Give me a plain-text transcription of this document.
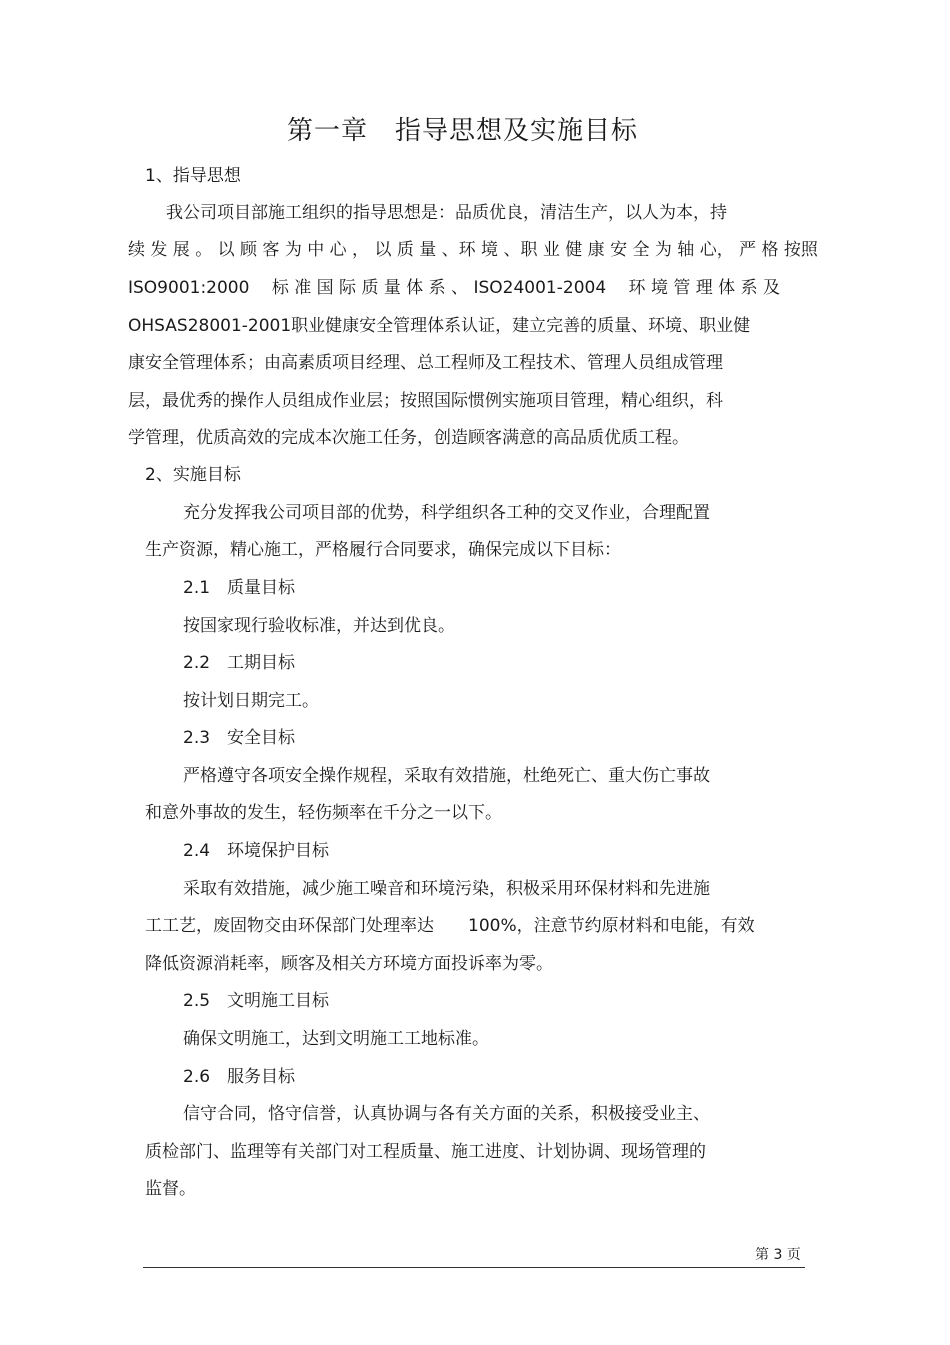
第一章　指导思想及实施目标
1、指导思想
我公司项目部施工组织的指导思想是：品质优良，清洁生产，以人为本，持
续 发 展 。 以 顾 客 为 中 心 ， 以 质 量 、环 境 、职 业 健 康 安 全 为 轴 心， 严 格 按照
ISO9001:2000　 标 准 国 际 质 量 体 系 、 ISO24001-2004　 环 境 管 理 体 系 及
OHSAS28001-2001职业健康安全管理体系认证，建立完善的质量、环境、职业健
康安全管理体系；由高素质项目经理、总工程师及工程技术、管理人员组成管理
层，最优秀的操作人员组成作业层；按照国际惯例实施项目管理，精心组织，科
学管理，优质高效的完成本次施工任务，创造顾客满意的高品质优质工程。
2、实施目标
充分发挥我公司项目部的优势，科学组织各工种的交叉作业，合理配置
生产资源，精心施工，严格履行合同要求，确保完成以下目标：
2.1　质量目标
按国家现行验收标准，并达到优良。
2.2　工期目标
按计划日期完工。
2.3　安全目标
严格遵守各项安全操作规程，采取有效措施，杜绝死亡、重大伤亡事故
和意外事故的发生，轻伤频率在千分之一以下。
2.4　环境保护目标
采取有效措施，减少施工噪音和环境污染，积极采用环保材料和先进施
工工艺，废固物交由环保部门处理率达　　100%，注意节约原材料和电能，有效
降低资源消耗率，顾客及相关方环境方面投诉率为零。
2.5　文明施工目标
确保文明施工，达到文明施工工地标准。
2.6　服务目标
信守合同，恪守信誉，认真协调与各有关方面的关系，积极接受业主、
质检部门、监理等有关部门对工程质量、施工进度、计划协调、现场管理的
监督。
第 3 页
